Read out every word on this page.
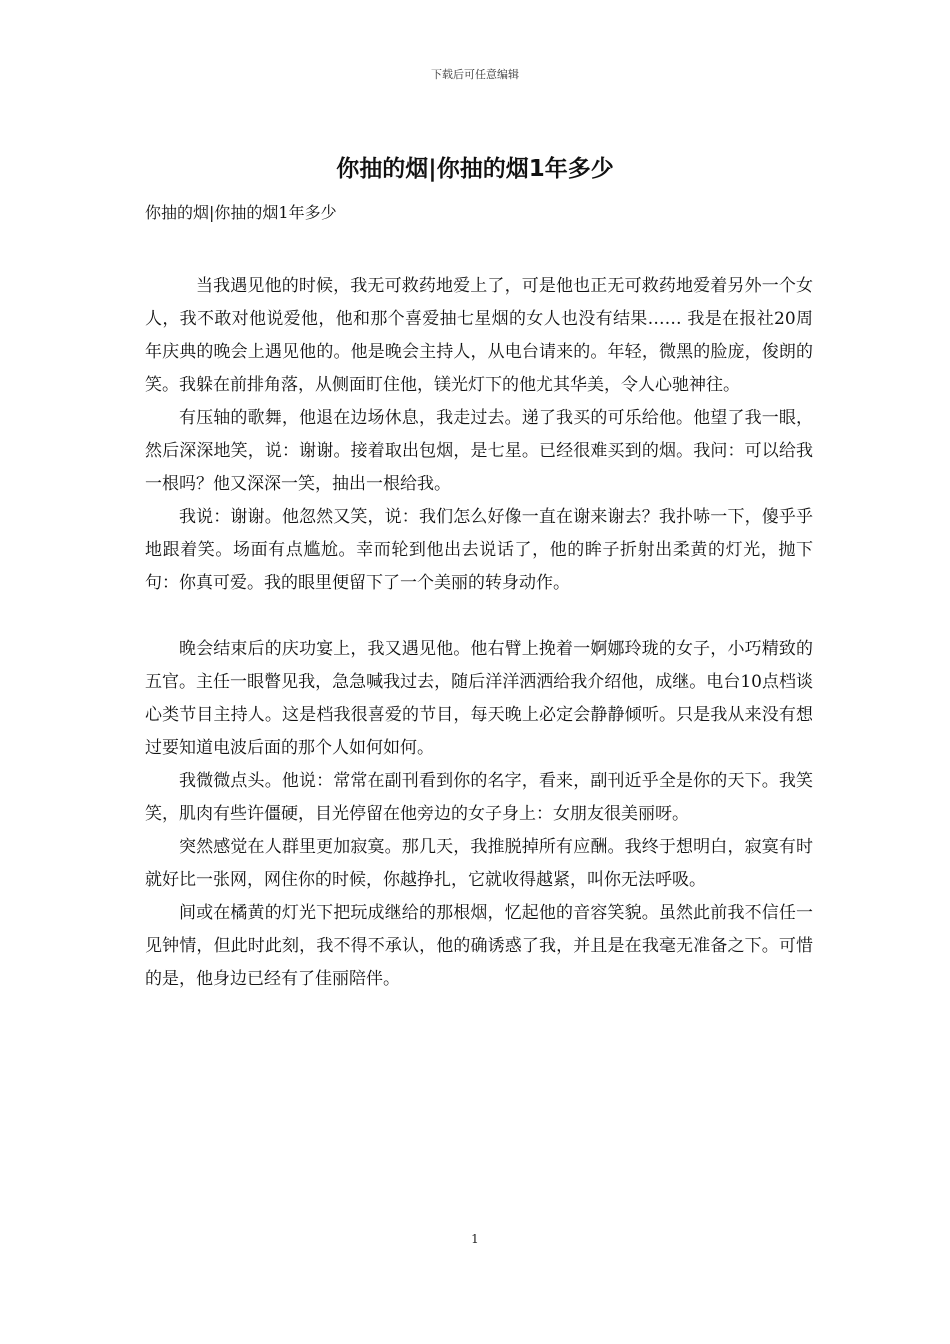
下载后可任意编辑
你抽的烟|你抽的烟1年多少
你抽的烟|你抽的烟1年多少

当我遇见他的时候，我无可救药地爱上了，可是他也正无可救药地爱着另外一个女人，我不敢对他说爱他，他和那个喜爱抽七星烟的女人也没有结果…… 我是在报社20周年庆典的晚会上遇见他的。他是晚会主持人，从电台请来的。年轻，微黑的脸庞，俊朗的笑。我躲在前排角落，从侧面盯住他，镁光灯下的他尤其华美，令人心驰神往。

有压轴的歌舞，他退在边场休息，我走过去。递了我买的可乐给他。他望了我一眼，然后深深地笑，说：谢谢。接着取出包烟，是七星。已经很难买到的烟。我问：可以给我一根吗？他又深深一笑，抽出一根给我。

我说：谢谢。他忽然又笑，说：我们怎么好像一直在谢来谢去？我扑哧一下，傻乎乎地跟着笑。场面有点尴尬。幸而轮到他出去说话了，他的眸子折射出柔黄的灯光，抛下句：你真可爱。我的眼里便留下了一个美丽的转身动作。

晚会结束后的庆功宴上，我又遇见他。他右臂上挽着一婀娜玲珑的女子，小巧精致的五官。主任一眼瞥见我，急急喊我过去，随后洋洋洒洒给我介绍他，成继。电台10点档谈心类节目主持人。这是档我很喜爱的节目，每天晚上必定会静静倾听。只是我从来没有想过要知道电波后面的那个人如何如何。

我微微点头。他说：常常在副刊看到你的名字，看来，副刊近乎全是你的天下。我笑笑，肌肉有些许僵硬，目光停留在他旁边的女子身上：女朋友很美丽呀。

突然感觉在人群里更加寂寞。那几天，我推脱掉所有应酬。我终于想明白，寂寞有时就好比一张网，网住你的时候，你越挣扎，它就收得越紧，叫你无法呼吸。

间或在橘黄的灯光下把玩成继给的那根烟，忆起他的音容笑貌。虽然此前我不信任一见钟情，但此时此刻，我不得不承认，他的确诱惑了我，并且是在我毫无准备之下。可惜的是，他身边已经有了佳丽陪伴。

1
